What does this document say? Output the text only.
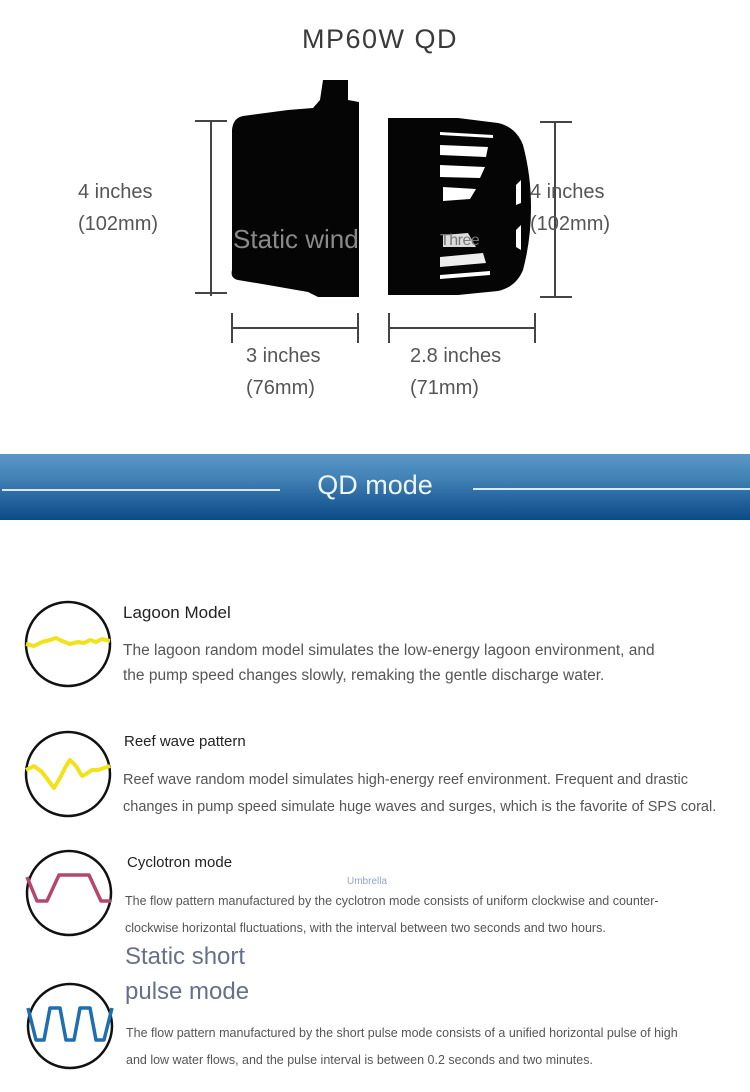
MP60W QD
4 inches
(102mm)	Static wind	Three
4 inches
(102mm)
3 inches
(76mm)
2.8 inches
(71mm)
QD mode
Lagoon Model
The lagoon random model simulates the low-energy lagoon environment, and
the pump speed changes slowly, remaking the gentle discharge water.
Reef wave pattern
Reef wave random model simulates high-energy reef environment. Frequent and drastic
changes in pump speed simulate huge waves and surges, which is the favorite of SPS coral.
Cyclotron mode
Umbrella
The flow pattern manufactured by the cyclotron mode consists of uniform clockwise and counter-
clockwise horizontal fluctuations, with the interval between two seconds and two hours.
Static short
pulse mode
The flow pattern manufactured by the short pulse mode consists of a unified horizontal pulse of high
and low water flows, and the pulse interval is between 0.2 seconds and two minutes.
